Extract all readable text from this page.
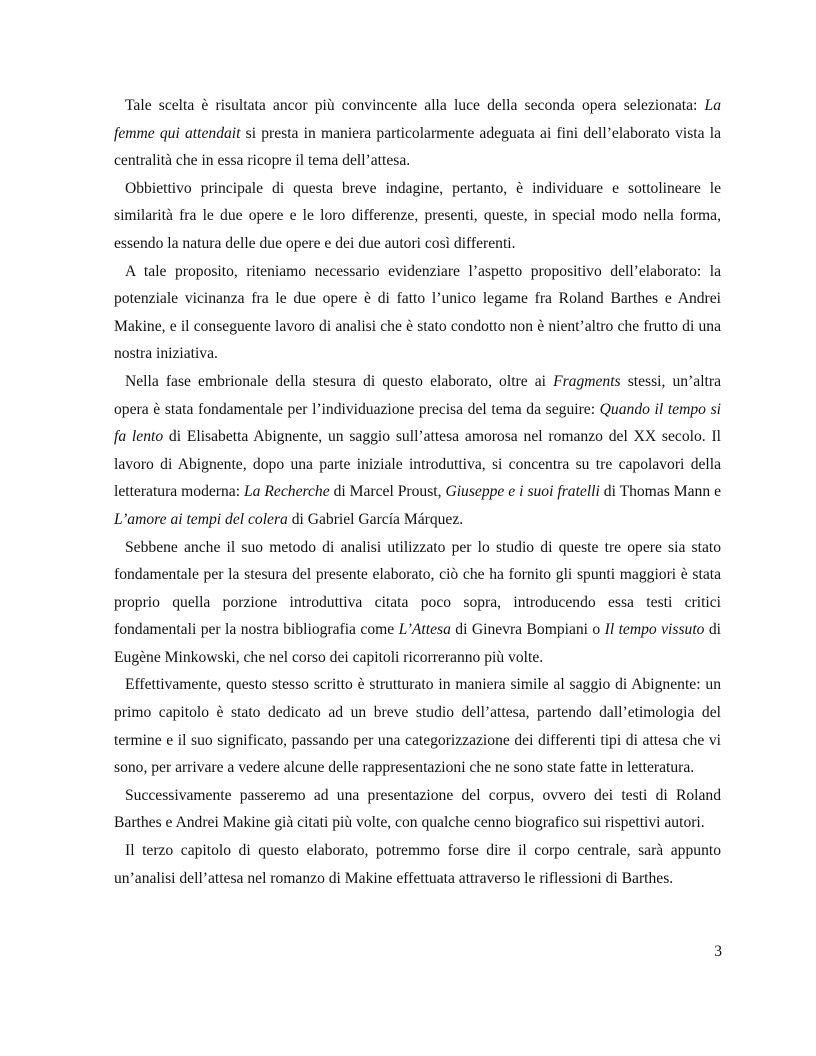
Tale scelta è risultata ancor più convincente alla luce della seconda opera selezionata: La femme qui attendait si presta in maniera particolarmente adeguata ai fini dell’elaborato vista la centralità che in essa ricopre il tema dell’attesa.

Obbiettivo principale di questa breve indagine, pertanto, è individuare e sottolineare le similarità fra le due opere e le loro differenze, presenti, queste, in special modo nella forma, essendo la natura delle due opere e dei due autori così differenti.

A tale proposito, riteniamo necessario evidenziare l’aspetto propositivo dell’elaborato: la potenziale vicinanza fra le due opere è di fatto l’unico legame fra Roland Barthes e Andrei Makine, e il conseguente lavoro di analisi che è stato condotto non è nient’altro che frutto di una nostra iniziativa.

Nella fase embrionale della stesura di questo elaborato, oltre ai Fragments stessi, un’altra opera è stata fondamentale per l’individuazione precisa del tema da seguire: Quando il tempo si fa lento di Elisabetta Abignente, un saggio sull’attesa amorosa nel romanzo del XX secolo. Il lavoro di Abignente, dopo una parte iniziale introduttiva, si concentra su tre capolavori della letteratura moderna: La Recherche di Marcel Proust, Giuseppe e i suoi fratelli di Thomas Mann e L’amore ai tempi del colera di Gabriel García Márquez.

Sebbene anche il suo metodo di analisi utilizzato per lo studio di queste tre opere sia stato fondamentale per la stesura del presente elaborato, ciò che ha fornito gli spunti maggiori è stata proprio quella porzione introduttiva citata poco sopra, introducendo essa testi critici fondamentali per la nostra bibliografia come L’Attesa di Ginevra Bompiani o Il tempo vissuto di Eugène Minkowski, che nel corso dei capitoli ricorreranno più volte.

Effettivamente, questo stesso scritto è strutturato in maniera simile al saggio di Abignente: un primo capitolo è stato dedicato ad un breve studio dell’attesa, partendo dall’etimologia del termine e il suo significato, passando per una categorizzazione dei differenti tipi di attesa che vi sono, per arrivare a vedere alcune delle rappresentazioni che ne sono state fatte in letteratura.

Successivamente passeremo ad una presentazione del corpus, ovvero dei testi di Roland Barthes e Andrei Makine già citati più volte, con qualche cenno biografico sui rispettivi autori.

Il terzo capitolo di questo elaborato, potremmo forse dire il corpo centrale, sarà appunto un’analisi dell’attesa nel romanzo di Makine effettuata attraverso le riflessioni di Barthes.

3
